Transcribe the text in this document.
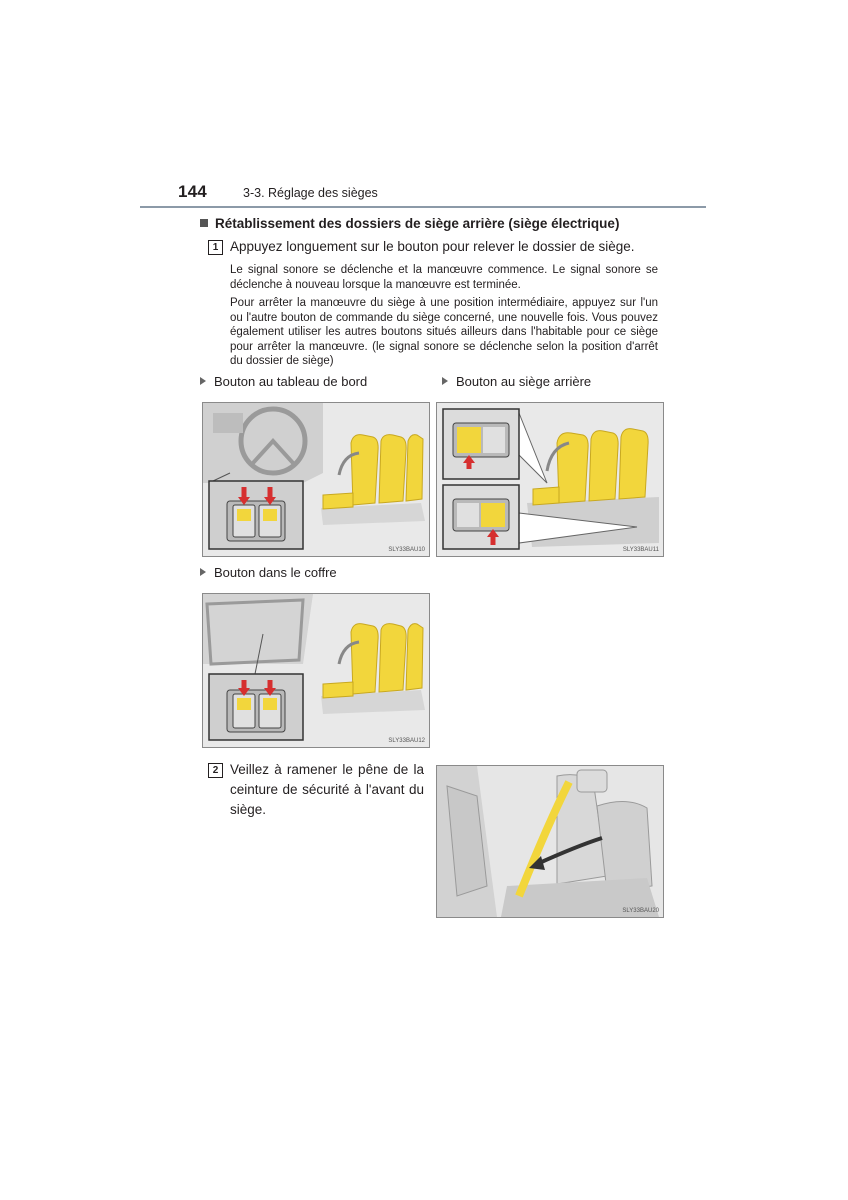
144	3-3. Réglage des sièges
Rétablissement des dossiers de siège arrière (siège électrique)
1 Appuyez longuement sur le bouton pour relever le dossier de siège.
Le signal sonore se déclenche et la manœuvre commence. Le signal sonore se déclenche à nouveau lorsque la manœuvre est terminée.
Pour arrêter la manœuvre du siège à une position intermédiaire, appuyez sur l'un ou l'autre bouton de commande du siège concerné, une nouvelle fois. Vous pouvez également utiliser les autres boutons situés ailleurs dans l'habitable pour ce siège pour arrêter la manœuvre. (le signal sonore se déclenche selon la position d'arrêt du dossier de siège)
Bouton au tableau de bord	Bouton au siège arrière
SLY33BAU10	SLY33BAU11
Bouton dans le coffre
SLY33BAU12
2 Veillez à ramener le pêne de la ceinture de sécurité à l'avant du siège.
SLY33BAU20
